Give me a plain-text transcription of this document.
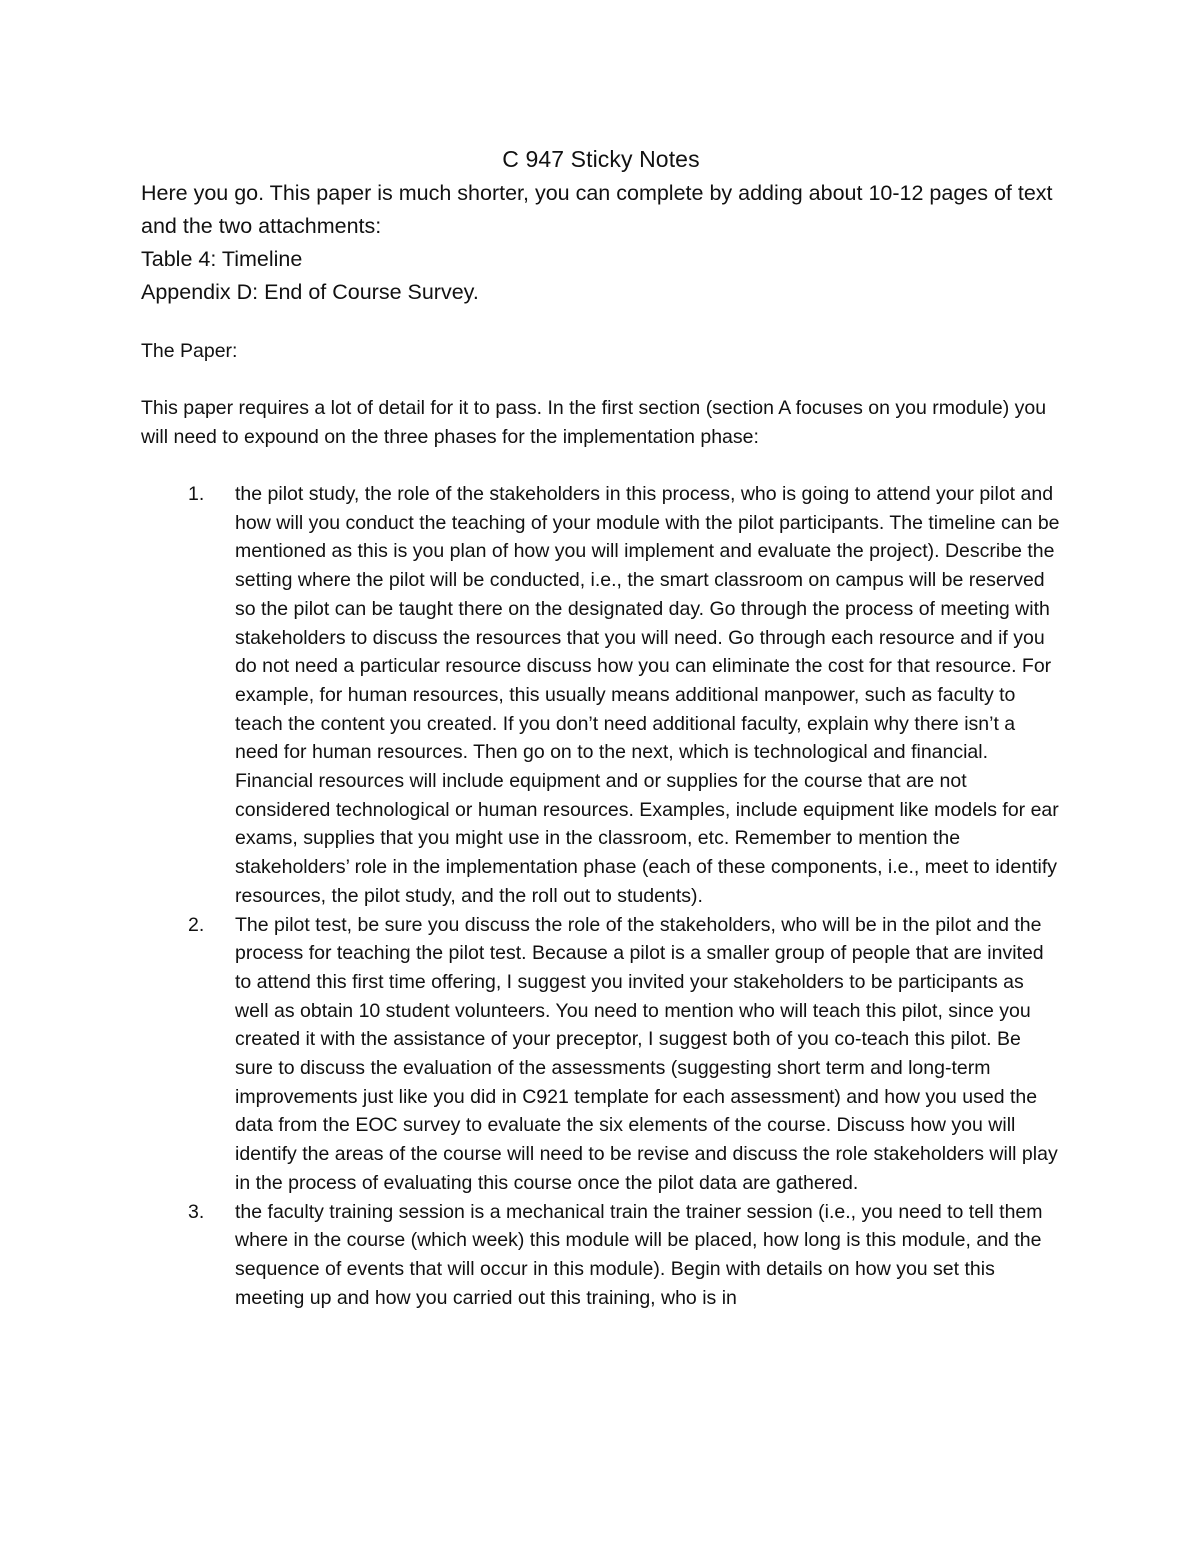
C 947 Sticky Notes

Here you go. This paper is much shorter, you can complete by adding about 10-12 pages of text and the two attachments:

Table 4: Timeline

Appendix D: End of Course Survey.

The Paper:
This paper requires a lot of detail for it to pass. In the first section (section A focuses on you rmodule) you will need to expound on the three phases for the implementation phase:
1. the pilot study, the role of the stakeholders in this process, who is going to attend your pilot and how will you conduct the teaching of your module with the pilot participants. The timeline can be mentioned as this is you plan of how you will implement and evaluate the project). Describe the setting where the pilot will be conducted, i.e., the smart classroom on campus will be reserved so the pilot can be taught there on the designated day. Go through the process of meeting with stakeholders to discuss the resources that you will need. Go through each resource and if you do not need a particular resource discuss how you can eliminate the cost for that resource. For example, for human resources, this usually means additional manpower, such as faculty to teach the content you created. If you don’t need additional faculty, explain why there isn’t a need for human resources. Then go on to the next, which is technological and financial. Financial resources will include equipment and or supplies for the course that are not considered technological or human resources. Examples, include equipment like models for ear exams, supplies that you might use in the classroom, etc. Remember to mention the stakeholders’ role in the implementation phase (each of these components, i.e., meet to identify resources, the pilot study, and the roll out to students).
2. The pilot test, be sure you discuss the role of the stakeholders, who will be in the pilot and the process for teaching the pilot test. Because a pilot is a smaller group of people that are invited to attend this first time offering, I suggest you invited your stakeholders to be participants as well as obtain 10 student volunteers. You need to mention who will teach this pilot, since you created it with the assistance of your preceptor, I suggest both of you co-teach this pilot. Be sure to discuss the evaluation of the assessments (suggesting short term and long-term improvements just like you did in C921 template for each assessment) and how you used the data from the EOC survey to evaluate the six elements of the course. Discuss how you will identify the areas of the course will need to be revise and discuss the role stakeholders will play in the process of evaluating this course once the pilot data are gathered.
3. the faculty training session is a mechanical train the trainer session (i.e., you need to tell them where in the course (which week) this module will be placed, how long is this module, and the sequence of events that will occur in this module). Begin with details on how you set this meeting up and how you carried out this training, who is in
